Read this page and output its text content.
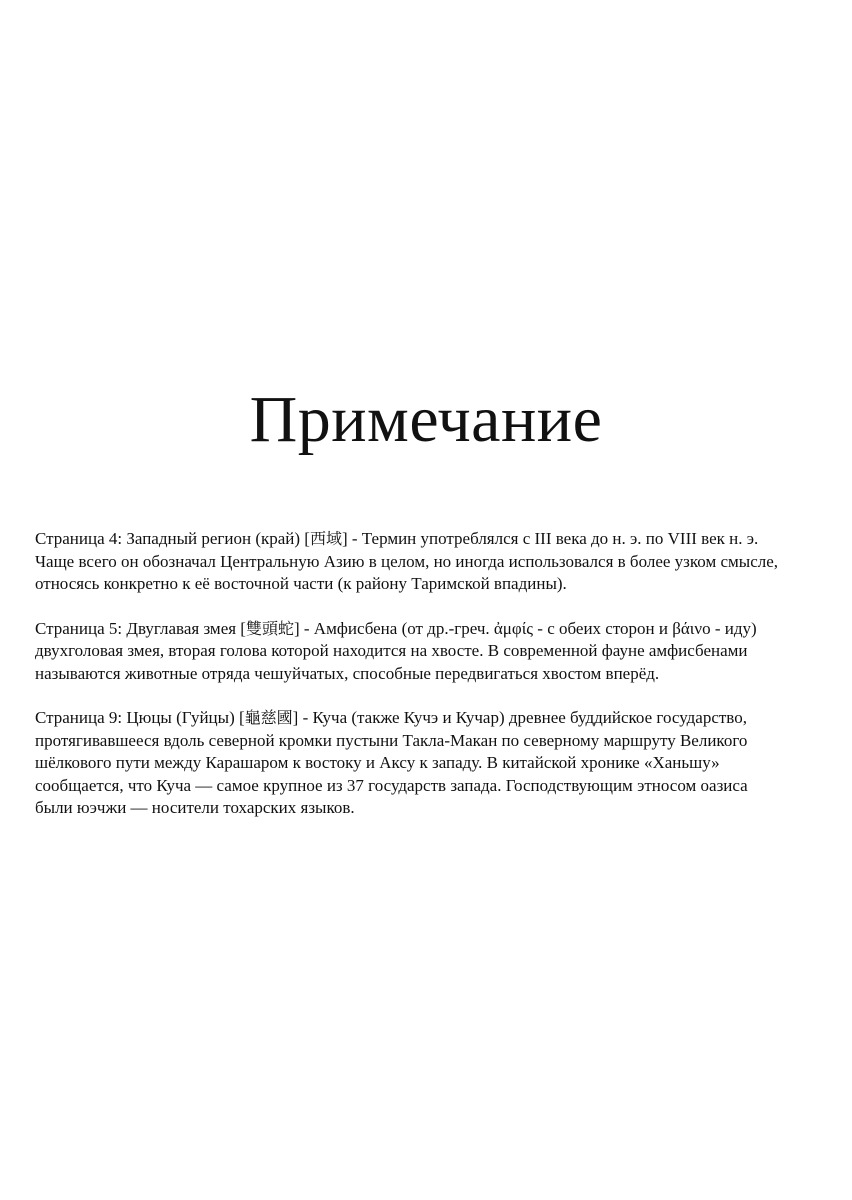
Примечание

Страница 4: Западный регион (край) [西域] - Термин употреблялся с III века до н. э. по VIII век н. э.
Чаще всего он обозначал Центральную Азию в целом, но иногда использовался в более узком смысле,
относясь конкретно к её восточной части (к району Таримской впадины).

Страница 5: Двуглавая змея [雙頭蛇] - Амфисбена (от др.-греч. ἀμφίς - с обеих сторон и βάινο - иду)
двухголовая змея, вторая голова которой находится на хвосте. В современной фауне амфисбенами
называются животные отряда чешуйчатых, способные передвигаться хвостом вперёд.

Страница 9: Цюцы (Гуйцы) [龜慈國] - Куча (также Кучэ и Кучар) древнее буддийское государство,
протягивавшееся вдоль северной кромки пустыни Такла-Макан по северному маршруту Великого
шёлкового пути между Карашаром к востоку и Аксу к западу. В китайской хронике «Ханьшу»
сообщается, что Куча — самое крупное из 37 государств запада. Господствующим этносом оазиса
были юэчжи — носители тохарских языков.
